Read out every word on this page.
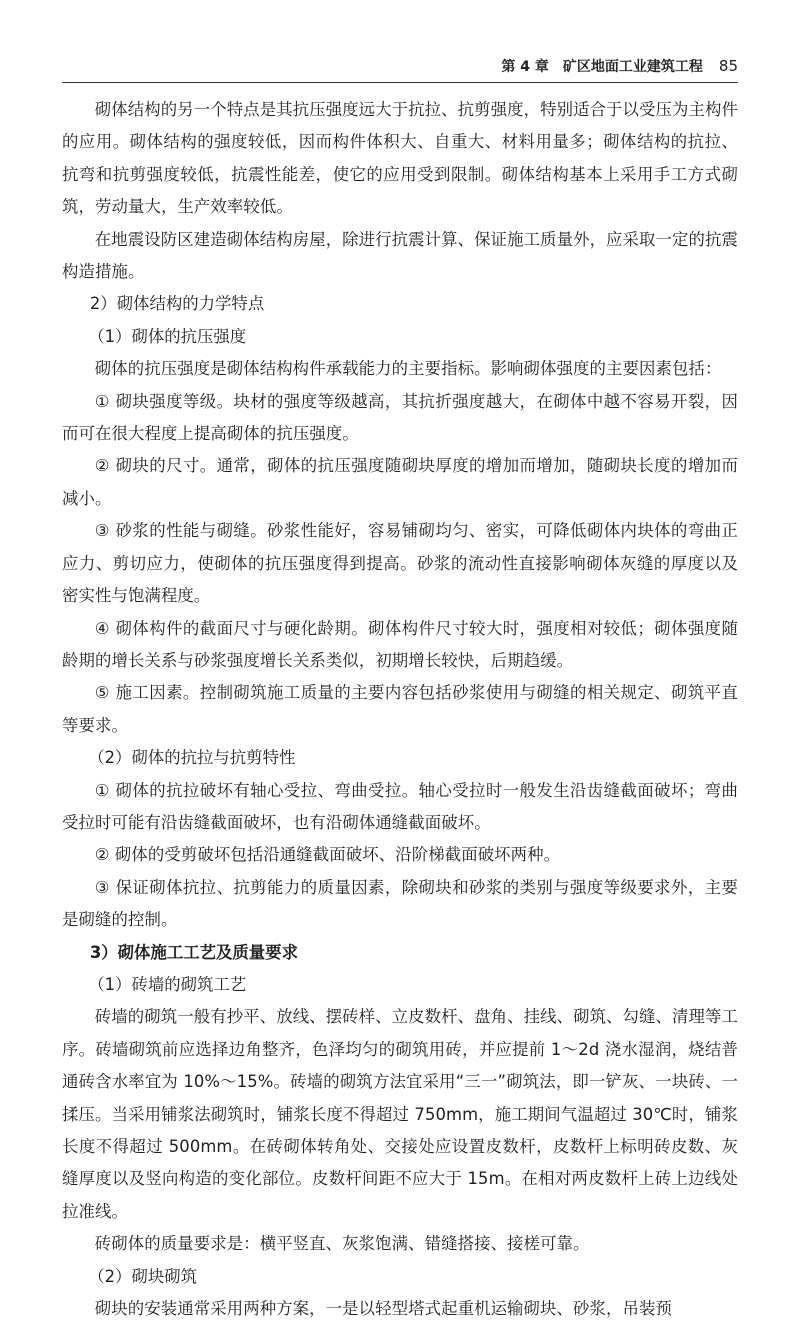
第 4 章　矿区地面工业建筑工程 85

砌体结构的另一个特点是其抗压强度远大于抗拉、抗剪强度，特别适合于以受压为主构件的应用。砌体结构的强度较低，因而构件体积大、自重大、材料用量多；砌体结构的抗拉、抗弯和抗剪强度较低，抗震性能差，使它的应用受到限制。砌体结构基本上采用手工方式砌筑，劳动量大，生产效率较低。

在地震设防区建造砌体结构房屋，除进行抗震计算、保证施工质量外，应采取一定的抗震构造措施。

2）砌体结构的力学特点

（1）砌体的抗压强度

砌体的抗压强度是砌体结构构件承载能力的主要指标。影响砌体强度的主要因素包括：

① 砌块强度等级。块材的强度等级越高，其抗折强度越大，在砌体中越不容易开裂，因而可在很大程度上提高砌体的抗压强度。

② 砌块的尺寸。通常，砌体的抗压强度随砌块厚度的增加而增加，随砌块长度的增加而减小。

③ 砂浆的性能与砌缝。砂浆性能好，容易铺砌均匀、密实，可降低砌体内块体的弯曲正应力、剪切应力，使砌体的抗压强度得到提高。砂浆的流动性直接影响砌体灰缝的厚度以及密实性与饱满程度。

④ 砌体构件的截面尺寸与硬化龄期。砌体构件尺寸较大时，强度相对较低；砌体强度随龄期的增长关系与砂浆强度增长关系类似，初期增长较快，后期趋缓。

⑤ 施工因素。控制砌筑施工质量的主要内容包括砂浆使用与砌缝的相关规定、砌筑平直等要求。

（2）砌体的抗拉与抗剪特性

① 砌体的抗拉破坏有轴心受拉、弯曲受拉。轴心受拉时一般发生沿齿缝截面破坏；弯曲受拉时可能有沿齿缝截面破坏，也有沿砌体通缝截面破坏。

② 砌体的受剪破坏包括沿通缝截面破坏、沿阶梯截面破坏两种。

③ 保证砌体抗拉、抗剪能力的质量因素，除砌块和砂浆的类别与强度等级要求外，主要是砌缝的控制。

3）砌体施工工艺及质量要求

（1）砖墙的砌筑工艺

砖墙的砌筑一般有抄平、放线、摆砖样、立皮数杆、盘角、挂线、砌筑、勾缝、清理等工序。砖墙砌筑前应选择边角整齐，色泽均匀的砌筑用砖，并应提前 1～2d 浇水湿润，烧结普通砖含水率宜为 10%～15%。砖墙的砌筑方法宜采用“三一”砌筑法，即一铲灰、一块砖、一揉压。当采用铺浆法砌筑时，铺浆长度不得超过 750mm，施工期间气温超过 30℃时，铺浆长度不得超过 500mm。在砖砌体转角处、交接处应设置皮数杆，皮数杆上标明砖皮数、灰缝厚度以及竖向构造的变化部位。皮数杆间距不应大于 15m。在相对两皮数杆上砖上边线处拉准线。

砖砌体的质量要求是：横平竖直、灰浆饱满、错缝搭接、接槎可靠。

（2）砌块砌筑

砌块的安装通常采用两种方案，一是以轻型塔式起重机运输砌块、砂浆，吊装预
